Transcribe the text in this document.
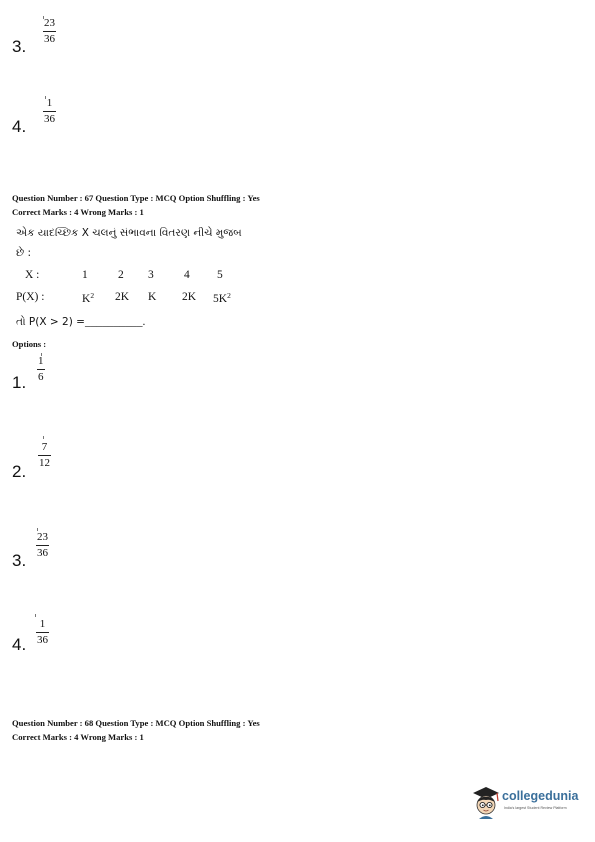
3.
$\frac{23}{36}$
4.
$\frac{1}{36}$
Question Number : 67 Question Type : MCQ Option Shuffling : Yes
Correct Marks : 4 Wrong Marks : 1
એક યાદચ્છિક X ચલનું સંભાવના વિતરણ નીચે મુજબ
છે :
X :	1	2 3	4 5
P(X) :	$K^2$ 2K K 2K $5K^2$
તો P(X > 2) =__________.
Options :
1. $\frac{1}{6}$
2.
$\frac{7}{12}$
3.
$\frac{23}{36}$
4. $\frac{1}{36}$
Question Number : 68 Question Type : MCQ Option Shuffling : Yes
Correct Marks : 4 Wrong Marks : 1
collegedunia
India's largest Student Review Platform
